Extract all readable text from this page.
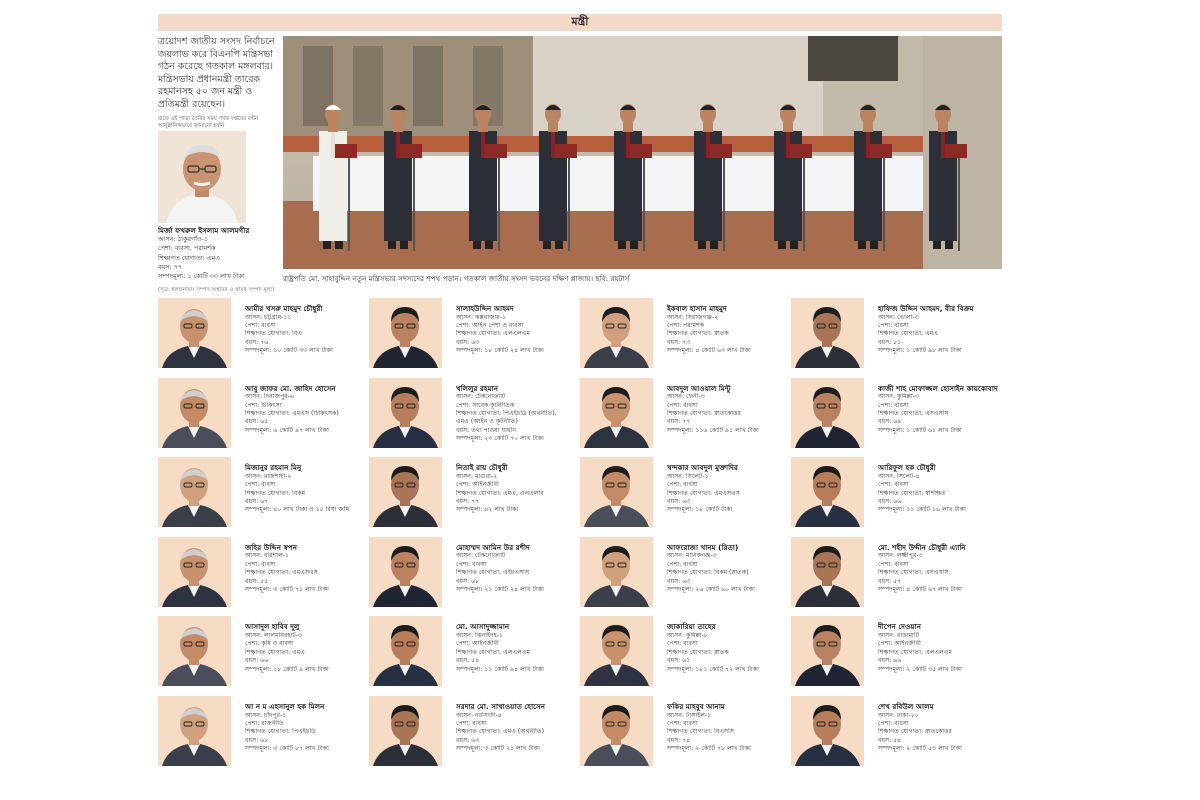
মন্ত্রী
ত্রয়োদশ জাতীয় সংসদ নির্বাচনে জয়লাভ করে বিএনপি মন্ত্রিসভা গঠন করেছে গতকাল মঙ্গলবার। মন্ত্রিসভায় প্রধানমন্ত্রী তারেক রহমানসহ ৫০ জন মন্ত্রী ও প্রতিমন্ত্রী রয়েছেন।
রাতে এই পাতা তৈরির সময় পর্যন্ত দপ্তরের বন্টন আনুষ্ঠানিকভাবে জানানো হয়নি
মির্জা ফখরুল ইসলাম আলমগীর
আসন: ঠাকুরগাঁও-১
পেশা: ব্যবসা, পরামর্শক
শিক্ষাগত যোগ্যতা: এমএ
বয়স: ৭৭
সম্পদমূল্য: ১ কোটি ৩৩ লাখ টাকা
(সূত্র: হলফনামা। সম্পদ অস্থাবর ও স্থাবর সম্পদ মূল্য)
রাষ্ট্রপতি মো. সাহাবুদ্দিন নতুন মন্ত্রিসভার সদস্যদের শপথ পড়ান। গতকাল জাতীয় সংসদ ভবনের দক্ষিণ প্লাজায়। ছবি: রয়টার্স
আমীর খসরু মাহমুদ চৌধুরী
আসন: চট্টগ্রাম-১১
পেশা: ব্যবসা
শিক্ষাগত যোগ্যতা: বিএ
বয়স: ৭৬
সম্পদমূল্য: ১০ কোটি ৩৩ লাখ টাকা
সালাহউদ্দিন আহমদ
আসন: কক্সবাজার-১
পেশা: আইন পেশা ও ব্যবসা
শিক্ষাগত যোগ্যতা: এলএলএম
বয়স: ৬৩
সম্পদমূল্য: ১৮ কোটি ২৪ লাখ টাকা
ইকবাল হাসান মাহমুদ
আসন: সিরাজগঞ্জ-২
পেশা: পরামর্শক
শিক্ষাগত যোগ্যতা: স্নাতক
বয়স: ৭৩
সম্পদমূল্য: ৪ কোটি ৬৩ লাখ টাকা
হাফিজ উদ্দিন আহমদ, বীর বিক্রম
আসন: ভোলা-৩
পেশা: ব্যবসা
শিক্ষাগত যোগ্যতা: এমএ
বয়স: ৮১
সম্পদমূল্য: ১ কোটি ৯৮ লাখ টাকা
আবু জাফর মো. জাহিদ হোসেন
আসন: দিনাজপুর-৬
পেশা: চিকিৎসা
শিক্ষাগত যোগ্যতা: এমএস (চিকিৎসক)
বয়স: ৬৫
সম্পদমূল্য: ৬ কোটি ৯৭ লাখ টাকা
খলিলুর রহমান
আসন: টেকনোক্র্যাট
পেশা: সাবেক কূটনীতিক
শিক্ষাগত যোগ্যতা: পিএইচডি (অর্থনীতি),
এমএ (আইন ও কূটনীতি)
বয়স: তথ্য পাওয়া যায়নি
সম্পদমূল্য: ২৩ কোটি ৭০ লাখ টাকা
আবদুল আওয়াল মিন্টু
আসন: ফেনী-৩
পেশা: ব্যবসা
শিক্ষাগত যোগ্যতা: স্নাতকোত্তর
বয়স: ৭৭
সম্পদমূল্য: ১১৬ কোটি ৯১ লাখ টাকা
কাজী শাহ মোফাজ্জল হোসাইন কায়কোবাদ
আসন: কুমিল্লা-৩
পেশা: ব্যবসা
শিক্ষাগত যোগ্যতা: এসএসসি
বয়স: ৬৯
সম্পদমূল্য: ১ কোটি ৬১ লাখ টাকা
মিজানুর রহমান মিনু
আসন: রাজশাহী-২
পেশা: ব্যবসা
শিক্ষাগত যোগ্যতা: বিকম
বয়স: ৬৭
সম্পদমূল্য: ৪০ লাখ টাকা ও ১৫ বিঘা জমি
নিতাই রায় চৌধুরী
আসন: মাগুরা-২
পেশা: আইনজীবী
শিক্ষাগত যোগ্যতা: এমএ, এলএলবি
বয়স: ৭৭
সম্পদমূল্য: ৪২ লাখ টাকা
খন্দকার আবদুল মুক্তাদির
আসন: সিলেট-১
পেশা: ব্যবসা
শিক্ষাগত যোগ্যতা: এমএসএস
বয়স: ৬৩
সম্পদমূল্য: ১৮ কোটি টাকা
আরিফুল হক চৌধুরী
আসন: সিলেট-৪
পেশা: ব্যবসা
শিক্ষাগত যোগ্যতা: স্বশিক্ষিত
বয়স: ৬৬
সম্পদমূল্য: ১১ কোটি ১৬ লাখ টাকা
জহির উদ্দিন স্বপন
আসন: বরিশাল-১
পেশা: ব্যবসা
শিক্ষাগত যোগ্যতা: এমএসএস
বয়স: ৫৫
সম্পদমূল্য: ৩ কোটি ৭১ লাখ টাকা
মোহাম্মদ আমিন উর রশীদ
আসন: টেকনোক্র্যাট
পেশা: ব্যবসা
শিক্ষাগত যোগ্যতা: এইচএসসি
বয়স: ৬৮
সম্পদমূল্য: ২১ কোটি ২৪ লাখ টাকা
আফরোজা খানম (রিতা)
আসন: মানিকগঞ্জ-৩
পেশা: ব্যবসা
শিক্ষাগত যোগ্যতা: বিকম (স্নাতক)
বয়স: ৬৩
সম্পদমূল্য: ২৬ কোটি ৬০ লাখ টাকা
মো. শহীদ উদ্দীন চৌধুরী এ্যানি
আসন: লক্ষ্মীপুর-৩
পেশা: ব্যবসা
শিক্ষাগত যোগ্যতা: এসএসসি
বয়স: ৫৭
সম্পদমূল্য: ৪ কোটি ৬৭ লাখ টাকা
আসাদুল হাবিব দুলু
আসন: লালমনিরহাট-৩
পেশা: কৃষি ও ব্যবসা
শিক্ষাগত যোগ্যতা: এমএ
বয়স: ৬৬
সম্পদমূল্য: ১৮ কোটি ৯ লাখ টাকা
মো. আসাদুজ্জামান
আসন: ঝিনাইদহ-১
পেশা: আইনজীবী
শিক্ষাগত যোগ্যতা: এলএলএম
বয়স: ৫৪
সম্পদমূল্য: ১১ কোটি ৯৪ লাখ টাকা
জাকারিয়া তাহের
আসন: কুমিল্লা-৮
পেশা: ব্যবসা
শিক্ষাগত যোগ্যতা: স্নাতক
বয়স: ৬১
সম্পদমূল্য: ১৮১ কোটি ৭২ লাখ টাকা
দীপেন দেওয়ান
আসন: রাঙামাটি
পেশা: আইনজীবী
শিক্ষাগত যোগ্যতা: এলএলএম
বয়স: ৬৬
সম্পদমূল্য: ২ কোটি ৩৫ লাখ টাকা
আ ন ম এহসানুল হক মিলন
আসন: চাঁদপুর-১
পেশা: রাজনীতি
শিক্ষাগত যোগ্যতা: পিএইচডি
বয়স: ৬৮
সম্পদমূল্য: ৩ কোটি ৮৭ লাখ টাকা
সরদার মো. সাখাওয়াত হোসেন
আসন: নরসিংদী-৪
পেশা: ব্যবসা
শিক্ষাগত যোগ্যতা: এমএ (অর্থনীতি)
বয়স: ৬৩
সম্পদমূল্য: ৩ কোটি ২১ লাখ টাকা
ফকির মাহবুব আনাম
আসন: টাঙ্গাইল-১
পেশা: ব্যবসা
শিক্ষাগত যোগ্যতা: বিএসসি
বয়স: ৭৪
সম্পদমূল্য: ২ কোটি ৭৮ লাখ টাকা
শেখ রবিউল আলম
আসন: ঢাকা-১০
পেশা: ব্যবসা
শিক্ষাগত যোগ্যতা: স্নাতকোত্তর
বয়স: ৫৪
সম্পদমূল্য: ২ কোটি ৫৩ লাখ টাকা
